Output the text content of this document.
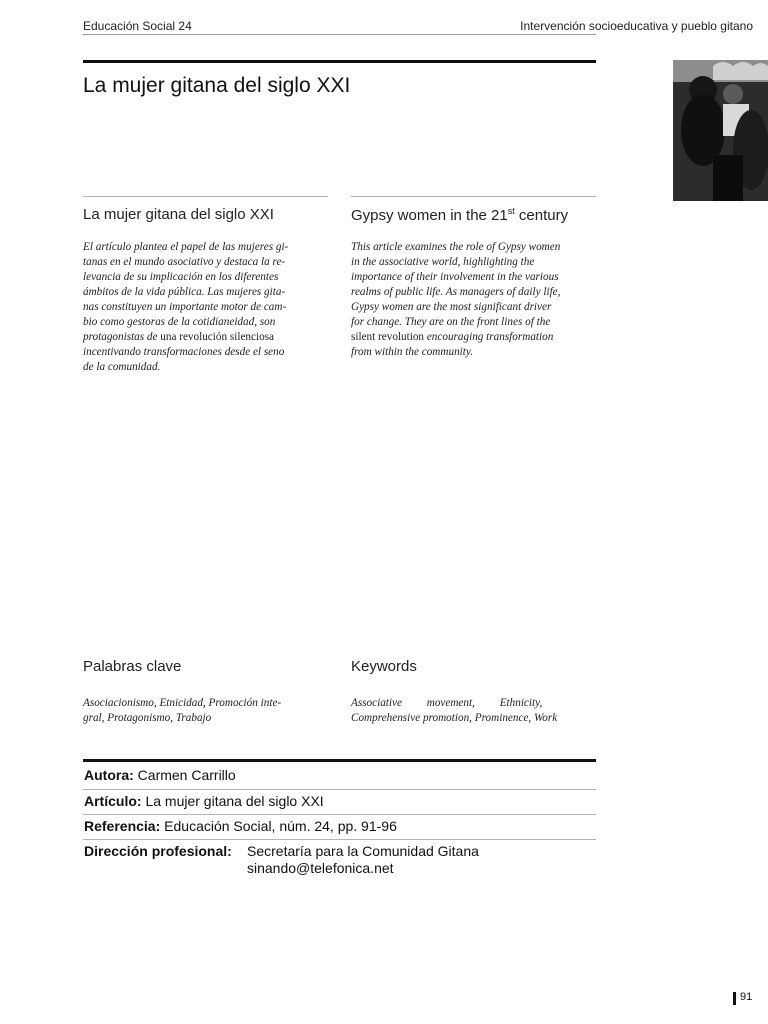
Educación Social 24	Intervención socioeducativa y pueblo gitano
La mujer gitana del siglo XXI
La mujer gitana del siglo XXI
El artículo plantea el papel de las mujeres gi-
tanas en el mundo asociativo y destaca la re-
levancia de su implicación en los diferentes
ámbitos de la vida pública. Las mujeres gita-
nas constituyen un importante motor de cam-
bio como gestoras de la cotidianeidad, son
protagonistas de una revolución silenciosa
incentivando transformaciones desde el seno
de la comunidad.
Gypsy women in the 21st century
This article examines the role of Gypsy women
in the associative world, highlighting the
importance of their involvement in the various
realms of public life. As managers of daily life,
Gypsy women are the most significant driver
for change. They are on the front lines of the
silent revolution encouraging transformation
from within the community.
Palabras clave
Asociacionismo, Etnicidad, Promoción inte-
gral, Protagonismo, Trabajo
Keywords
Associative movement, Ethnicity,
Comprehensive promotion, Prominence, Work
Autora: Carmen Carrillo
Artículo: La mujer gitana del siglo XXI
Referencia: Educación Social, núm. 24, pp. 91-96
Dirección profesional: Secretaría para la Comunidad Gitana
sinando@telefonica.net
91
